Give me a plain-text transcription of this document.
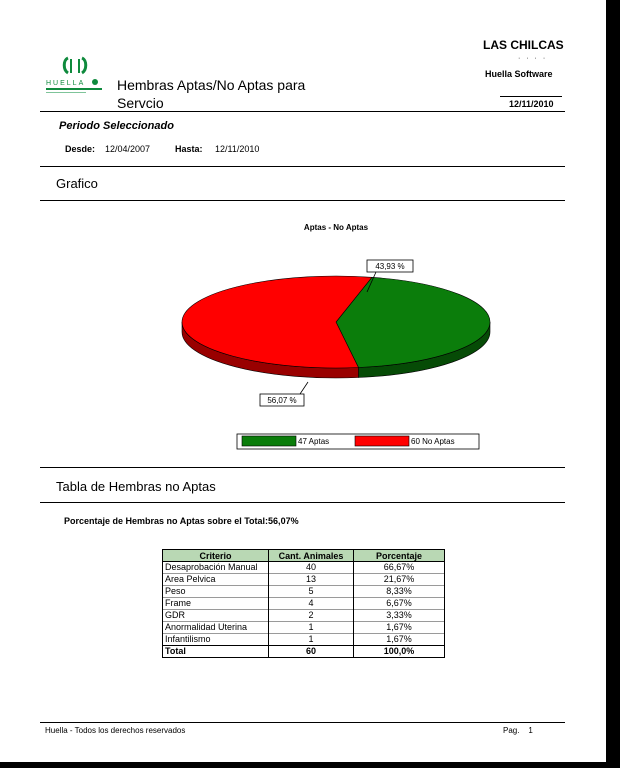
LAS CHILCAS
· · · ·
Huella Software
12/11/2010
HUELLA Hembras Aptas/No Aptas para Servcio
Periodo Seleccionado
Desde: 12/04/2007	Hasta: 12/11/2010
Grafico
Aptas - No Aptas
43,93 %
56,07 %
47 Aptas	60 No Aptas
Tabla de Hembras no Aptas
Porcentaje de Hembras no Aptas sobre el Total:56,07%
Criterio	Cant. Animales	Porcentaje
Desaprobación Manual	40	66,67%
Area Pelvica	13	21,67%
Peso	5	8,33%
Frame	4	6,67%
GDR	2	3,33%
Anormalidad Uterina	1	1,67%
Infantilismo	1	1,67%
Total	60	100,0%
Huella - Todos los derechos reservados	Pag. 1
